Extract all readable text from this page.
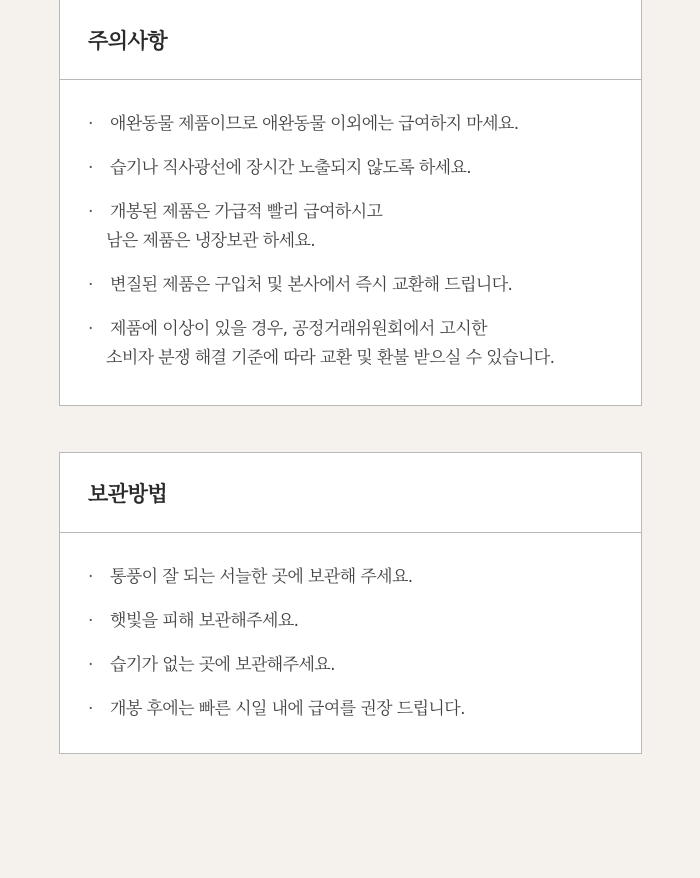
주의사항
·	애완동물 제품이므로 애완동물 이외에는 급여하지 마세요.
·	습기나 직사광선에 장시간 노출되지 않도록 하세요.
·	개봉된 제품은 가급적 빨리 급여하시고
남은 제품은 냉장보관 하세요.
·	변질된 제품은 구입처 및 본사에서 즉시 교환해 드립니다.
·	제품에 이상이 있을 경우, 공정거래위원회에서 고시한
소비자 분쟁 해결 기준에 따라 교환 및 환불 받으실 수 있습니다.
보관방법
·	통풍이 잘 되는 서늘한 곳에 보관해 주세요.
·	햇빛을 피해 보관해주세요.
·	습기가 없는 곳에 보관해주세요.
·	개봉 후에는 빠른 시일 내에 급여를 권장 드립니다.
